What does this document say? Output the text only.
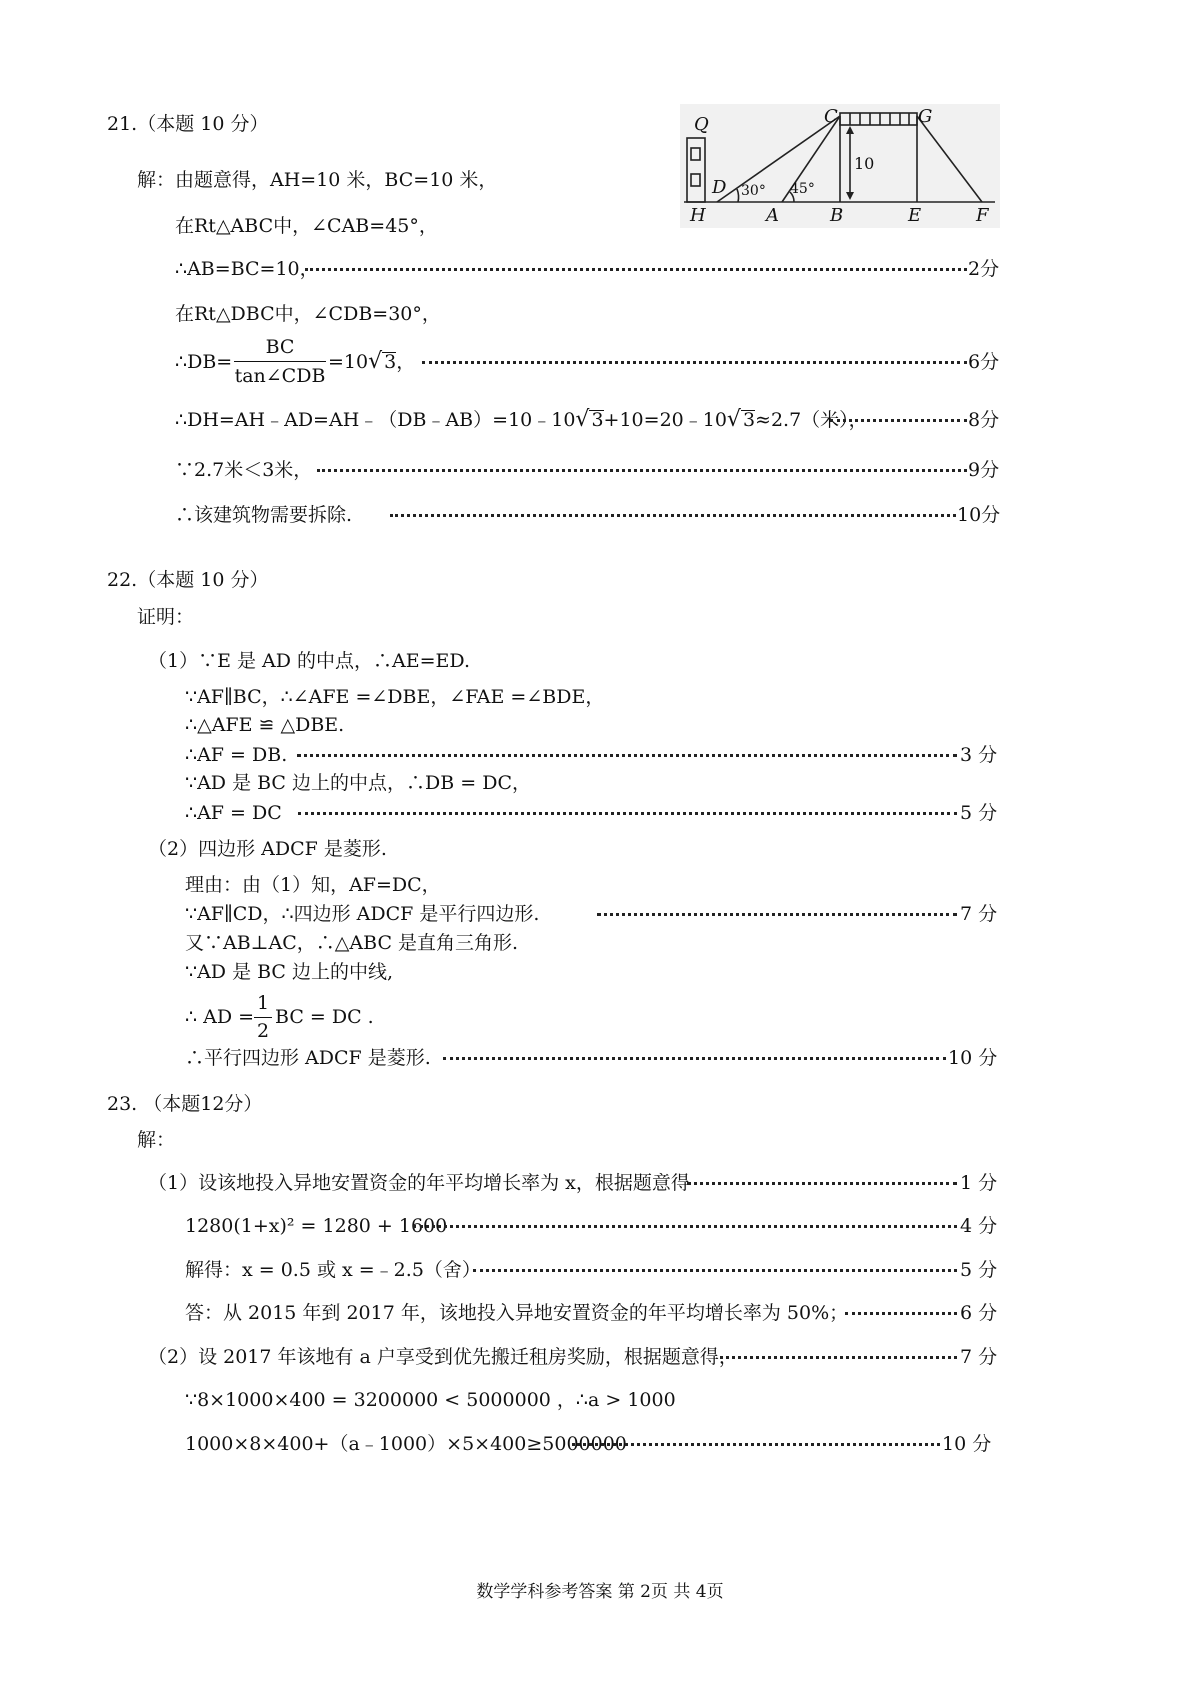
21.（本题 10 分）	Q	C	G
D
H	A	B	E	F
30° 45°
10
解：由题意得，AH=10 米，BC=10 米，
在Rt△ABC中，∠CAB=45°，
∴AB=BC=10，	2分
在Rt△DBC中，∠CDB=30°，
∴DB=
BC
tan∠CDB
=10√ 3，	6分
∴DH=AH﹣AD=AH﹣（DB﹣AB）=10﹣10√ 3+10=20﹣10√ 3≈2.7（米），	8分
∵2.7米＜3米，	9分
∴该建筑物需要拆除.	10分
22.（本题 10 分）
证明：
（1）∵E 是 AD 的中点，∴AE=ED.
∵AF∥BC，∴∠AFE =∠DBE，∠FAE =∠BDE，
∴△AFE ≌ △DBE.
∴AF = DB.	3 分
∵AD 是 BC 边上的中点，∴DB = DC，
∴AF = DC	5 分
（2）四边形 ADCF 是菱形.
理由：由（1）知，AF=DC，
∵AF∥CD，∴四边形 ADCF 是平行四边形.	7 分
又∵AB⊥AC，∴△ABC 是直角三角形.
∵AD 是 BC 边上的中线,
∴ AD =
1
2
BC = DC .
∴平行四边形 ADCF 是菱形.	10 分
23. （本题12分）
解：
（1）设该地投入异地安置资金的年平均增长率为 x，根据题意得	1 分
1280(1+x)² = 1280 + 1600	4 分
解得：x = 0.5 或 x =﹣2.5（舍）	5 分
答：从 2015 年到 2017 年，该地投入异地安置资金的年平均增长率为 50%；	6 分
（2）设 2017 年该地有 a 户享受到优先搬迁租房奖励，根据题意得，	7 分
∵8×1000×400 = 3200000 < 5000000 ，∴a > 1000
1000×8×400+（a﹣1000）×5×400≥5000000	10 分
数学学科参考答案 第 2页 共 4页
